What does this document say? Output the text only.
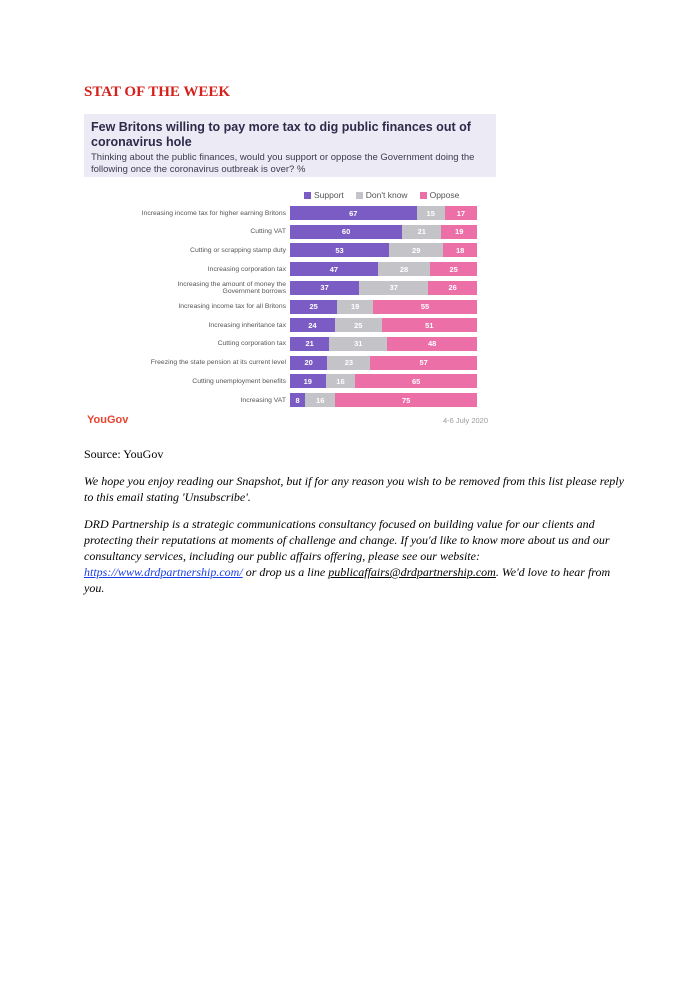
STAT OF THE WEEK

Few Britons willing to pay more tax to dig public finances out of coronavirus hole

Thinking about the public finances, would you support or oppose the Government doing the following once the coronavirus outbreak is over? %

Support	Don't know	Oppose
Increasing income tax for higher earning Britons	67	15	17
Cutting VAT	60	21	19
Cutting or scrapping stamp duty	53	29	18
Increasing corporation tax	47	28	25
Increasing the amount of money the Government borrows	37	37	26
Increasing income tax for all Britons	25	19	55
Increasing inheritance tax	24	25	51
Cutting corporation tax	21	31	48
Freezing the state pension at its current level	20	23	57
Cutting unemployment benefits	19	16	65
Increasing VAT	8	16	75
YouGov	4-6 July 2020
Source: YouGov

We hope you enjoy reading our Snapshot, but if for any reason you wish to be removed from this list please reply to this email stating 'Unsubscribe'.

DRD Partnership is a strategic communications consultancy focused on building value for our clients and protecting their reputations at moments of challenge and change. If you'd like to know more about us and our consultancy services, including our public affairs offering, please see our website: https://www.drdpartnership.com/ or drop us a line publicaffairs@drdpartnership.com. We'd love to hear from you.
